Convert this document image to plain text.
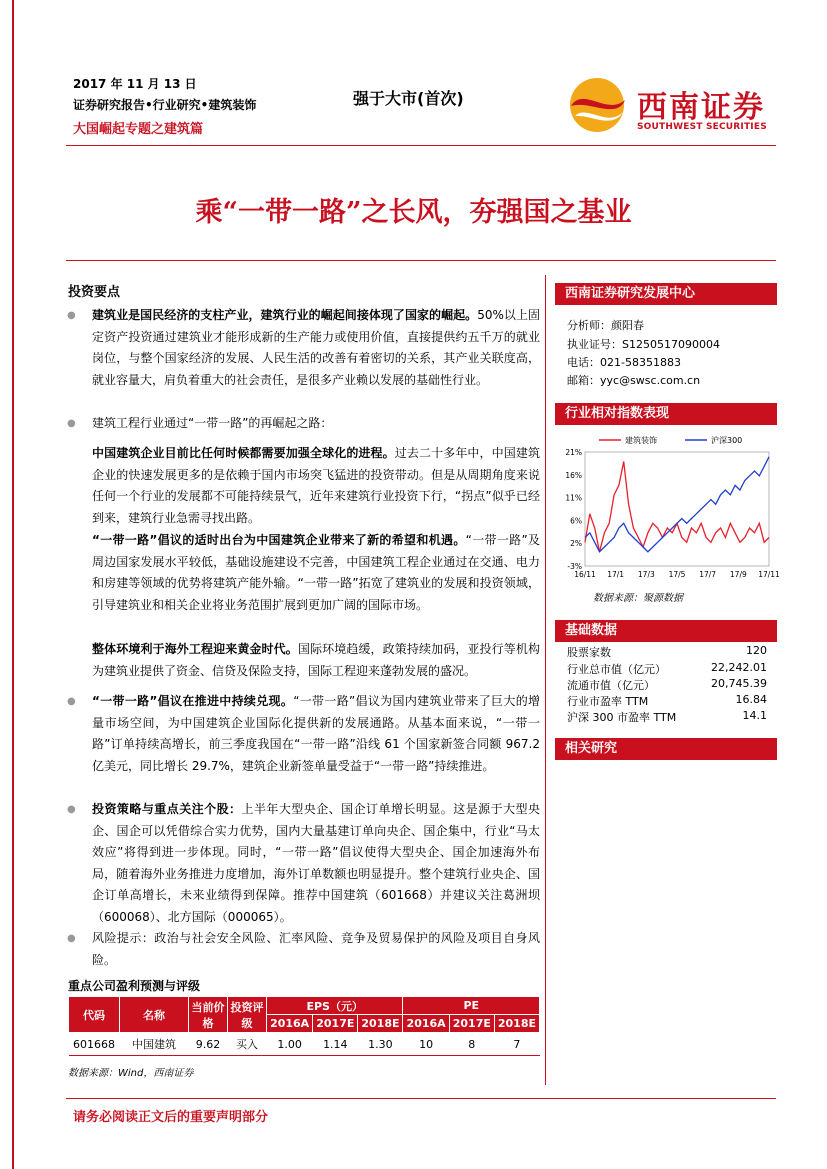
2017 年 11 月 13 日
证券研究报告•行业研究•建筑装饰
大国崛起专题之建筑篇
强于大市(首次)	西南证券
SOUTHWEST SECURITIES
乘“一带一路”之长风，夯强国之基业
投资要点
● 建筑业是国民经济的支柱产业，建筑行业的崛起间接体现了国家的崛起。50%以上固定资产投资通过建筑业才能形成新的生产能力或使用价值，直接提供约五千万的就业岗位，与整个国家经济的发展、人民生活的改善有着密切的关系，其产业关联度高，就业容量大，肩负着重大的社会责任，是很多产业赖以发展的基础性行业。
● 建筑工程行业通过“一带一路”的再崛起之路：
中国建筑企业目前比任何时候都需要加强全球化的进程。过去二十多年中，中国建筑企业的快速发展更多的是依赖于国内市场突飞猛进的投资带动。但是从周期角度来说任何一个行业的发展都不可能持续景气，近年来建筑行业投资下行，“拐点”似乎已经到来，建筑行业急需寻找出路。
“一带一路”倡议的适时出台为中国建筑企业带来了新的希望和机遇。“一带一路”及周边国家发展水平较低，基础设施建设不完善，中国建筑工程企业通过在交通、电力和房建等领域的优势将建筑产能外输。“一带一路”拓宽了建筑业的发展和投资领域，引导建筑业和相关企业将业务范围扩展到更加广阔的国际市场。
整体环境利于海外工程迎来黄金时代。国际环境趋缓，政策持续加码，亚投行等机构为建筑业提供了资金、信贷及保险支持，国际工程迎来蓬勃发展的盛况。
● “一带一路”倡议在推进中持续兑现。“一带一路”倡议为国内建筑业带来了巨大的增量市场空间，为中国建筑企业国际化提供新的发展通路。从基本面来说，“一带一路”订单持续高增长，前三季度我国在“一带一路”沿线 61 个国家新签合同额 967.2 亿美元，同比增长 29.7%，建筑企业新签单量受益于“一带一路”持续推进。
● 投资策略与重点关注个股：上半年大型央企、国企订单增长明显。这是源于大型央企、国企可以凭借综合实力优势，国内大量基建订单向央企、国企集中，行业“马太效应”将得到进一步体现。同时，“一带一路”倡议使得大型央企、国企加速海外布局，随着海外业务推进力度增加，海外订单数额也明显提升。整个建筑行业央企、国企订单高增长，未来业绩得到保障。推荐中国建筑（601668）并建议关注葛洲坝（600068）、北方国际（000065）。
● 风险提示：政治与社会安全风险、汇率风险、竞争及贸易保护的风险及项目自身风险。
重点公司盈利预测与评级
代码	名称	当前价格	投资评级	EPS（元）			PE		
				2016A	2017E	2018E	2016A	2017E	2018E
601668	中国建筑	9.62	买入	1.00	1.14	1.30	10	8	7
数据来源：Wind，西南证券
西南证券研究发展中心
分析师：颜阳春
执业证号：S1250517090004
电话：021-58351883
邮箱：yyc@swsc.com.cn
行业相对指数表现
21%
16%
11%
6%
2%
-3%
16/11 17/1 17/3 17/5 17/7 17/9 17/11
建筑装饰	沪深300
数据来源：聚源数据
基础数据
股票家数	120
行业总市值（亿元）	22,242.01
流通市值（亿元）	20,745.39
行业市盈率 TTM	16.84
沪深 300 市盈率 TTM	14.1
相关研究
请务必阅读正文后的重要声明部分
